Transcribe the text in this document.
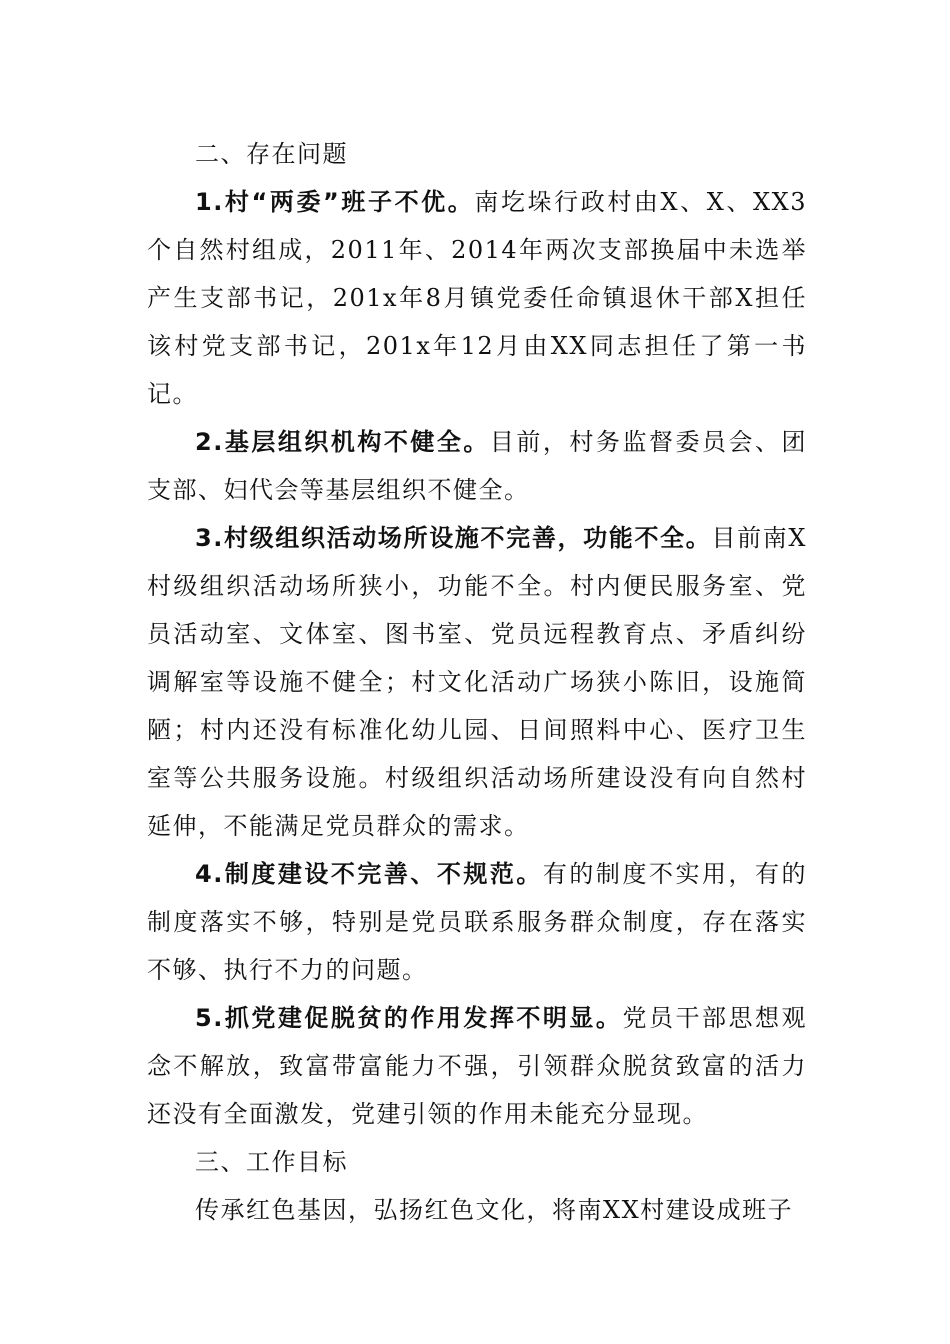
二、存在问题

1.村“两委”班子不优。南圪垛行政村由X、X、XX3个自然村组成，2011年、2014年两次支部换届中未选举产生支部书记，201x年8月镇党委任命镇退休干部X担任该村党支部书记，201x年12月由XX同志担任了第一书记。

2.基层组织机构不健全。目前，村务监督委员会、团支部、妇代会等基层组织不健全。

3.村级组织活动场所设施不完善，功能不全。目前南X村级组织活动场所狭小，功能不全。村内便民服务室、党员活动室、文体室、图书室、党员远程教育点、矛盾纠纷调解室等设施不健全；村文化活动广场狭小陈旧，设施简陋；村内还没有标准化幼儿园、日间照料中心、医疗卫生室等公共服务设施。村级组织活动场所建设没有向自然村延伸，不能满足党员群众的需求。

4.制度建设不完善、不规范。有的制度不实用，有的制度落实不够，特别是党员联系服务群众制度，存在落实不够、执行不力的问题。

5.抓党建促脱贫的作用发挥不明显。党员干部思想观念不解放，致富带富能力不强，引领群众脱贫致富的活力还没有全面激发，党建引领的作用未能充分显现。

三、工作目标

传承红色基因，弘扬红色文化，将南XX村建设成班子
